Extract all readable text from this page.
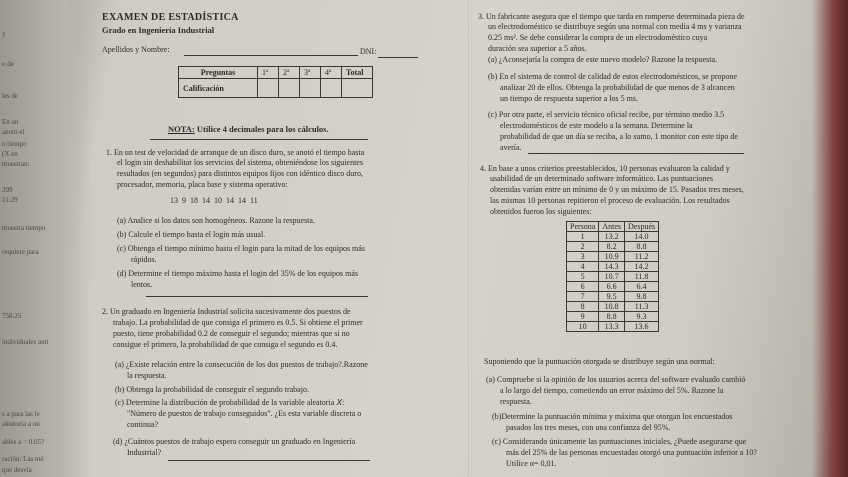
y
o de
les de
En un
anotó el
o tiempo
(X en
muestran:
399
11:29
muestra tiempo
requiere para
758.25
individuales anti
s a para las le
aleatoria a un
ables a = 0.05?
ración: Las mé
que desvía
EXAMEN DE ESTADÍSTICA
Grado en Ingeniería Industrial
Apellidos y Nombre:	DNI:
Preguntas	1ª	2ª	3ª	4ª	Total
Calificación					
NOTA: Utilice 4 decimales para los cálculos.
1. En un test de velocidad de arranque de un disco duro, se anotó el tiempo hasta
el login sin deshabilitar los servicios del sistema, obteniéndose los siguientes
resultados (en segundos) para distintos equipos fijos con idéntico disco duro,
procesador, memoria, placa base y sistema operativo:
13 9 18 14 10 14 14 11
(a) Analice si los datos son homogéneos. Razone la respuesta.
(b) Calcule el tiempo hasta el login más usual.
(c) Obtenga el tiempo mínimo hasta el login para la mitad de los equipos más
rápidos.
(d) Determine el tiempo máximo hasta el login del 35% de los equipos más
lentos.
2. Un graduado en Ingeniería Industrial solicita sucesivamente dos puestos de
trabajo. La probabilidad de que consiga el primero es 0.5. Si obtiene el primer
puesto, tiene probabilidad 0.2 de conseguir el segundo; mientras que si no
consigue el primero, la probabilidad de que consiga el segundo es 0.4.
(a) ¿Existe relación entre la consecución de los dos puestos de trabajo?.Razone
la respuesta.
(b) Obtenga la probabilidad de conseguir el segundo trabajo.
(c) Determine la distribución de probabilidad de la variable aleatoria 𝑋:
"Número de puestos de trabajo conseguidos". ¿Es esta variable discreta o
continua?
(d) ¿Cuántos puestos de trabajo espera conseguir un graduado en Ingeniería
Industrial?
3. Un fabricante asegura que el tiempo que tarda en romperse determinada pieza de
un electrodoméstico se distribuye según una normal con media 4 ms y varianza
0.25 ms². Se debe considerar la compra de un electrodoméstico cuya
duración sea superior a 5 años.
(a) ¿Aconsejaría la compra de este nuevo modelo? Razone la respuesta.
(b) En el sistema de control de calidad de estos electrodomésticos, se propone
analizar 20 de ellos. Obtenga la probabilidad de que menos de 3 alcancen
un tiempo de respuesta superior a los 5 ms.
(c) Por otra parte, el servicio técnico oficial recibe, por término medio 3.5
electrodomésticos de este modelo a la semana. Determine la
probabilidad de que un día se reciba, a lo sumo, 1 monitor con este tipo de
avería.
4. En base a unos criterios preestablecidos, 10 personas evaluaron la calidad y
usabilidad de un determinado software informático. Las puntuaciones
obtenidas varían entre un mínimo de 0 y un máximo de 15. Pasados tres meses,
las mismas 10 personas repitieron el proceso de evaluación. Los resultados
obtenidos fueron los siguientes:
Persona	Antes	Después
1	13.2	14.0
2	8.2	8.8
3	10.9	11.2
4	14.3	14.2
5	10.7	11.8
6	6.6	6.4
7	9.5	9.8
8	10.8	11.3
9	8.8	9.3
10	13.3	13.6
Suponiendo que la puntuación otorgada se distribuye según una normal:
(a) Compruebe si la opinión de los usuarios acerca del software evaluado cambió
a lo largo del tiempo, cometiendo un error máximo del 5%. Razone la
respuesta.
(b)Determine la puntuación mínima y máxima que otorgan los encuestados
pasados los tres meses, con una confianza del 95%.
(c) Considerando únicamente las puntuaciones iniciales, ¿Puede asegurarse que
más del 25% de las personas encuestadas otorgó una puntuación inferior a 10?
Utilice α= 0,01.
